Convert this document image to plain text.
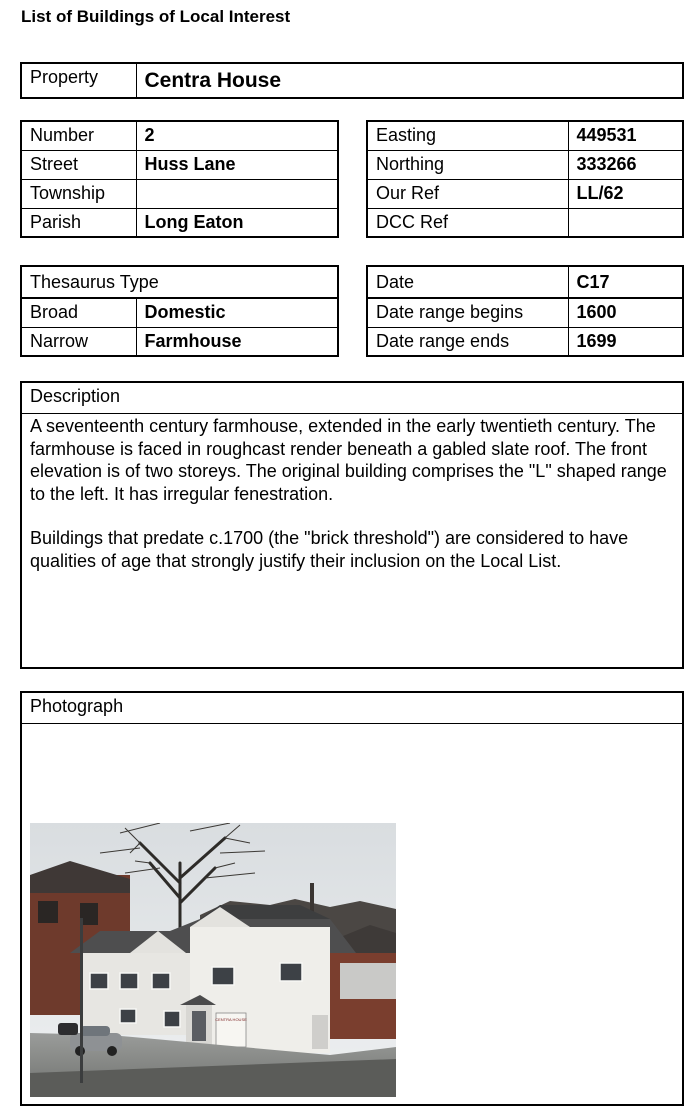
List of Buildings of Local Interest
Property	Centra House
Number	2
Street	Huss Lane
Township	
Parish	Long Eaton
Easting	449531
Northing	333266
Our Ref	LL/62
DCC Ref	
Thesaurus Type	
Broad	Domestic
Narrow	Farmhouse
Date	C17
Date range begins	1600
Date range ends	1699
Description

A seventeenth century farmhouse, extended in the early twentieth century. The farmhouse is faced in roughcast render beneath a gabled slate roof. The front elevation is of two storeys. The original building comprises the "L" shaped range to the left. It has irregular fenestration.

Buildings that predate c.1700 (the "brick threshold") are considered to have qualities of age that strongly justify their inclusion on the Local List.

Photograph
CENTRA HOUSE
